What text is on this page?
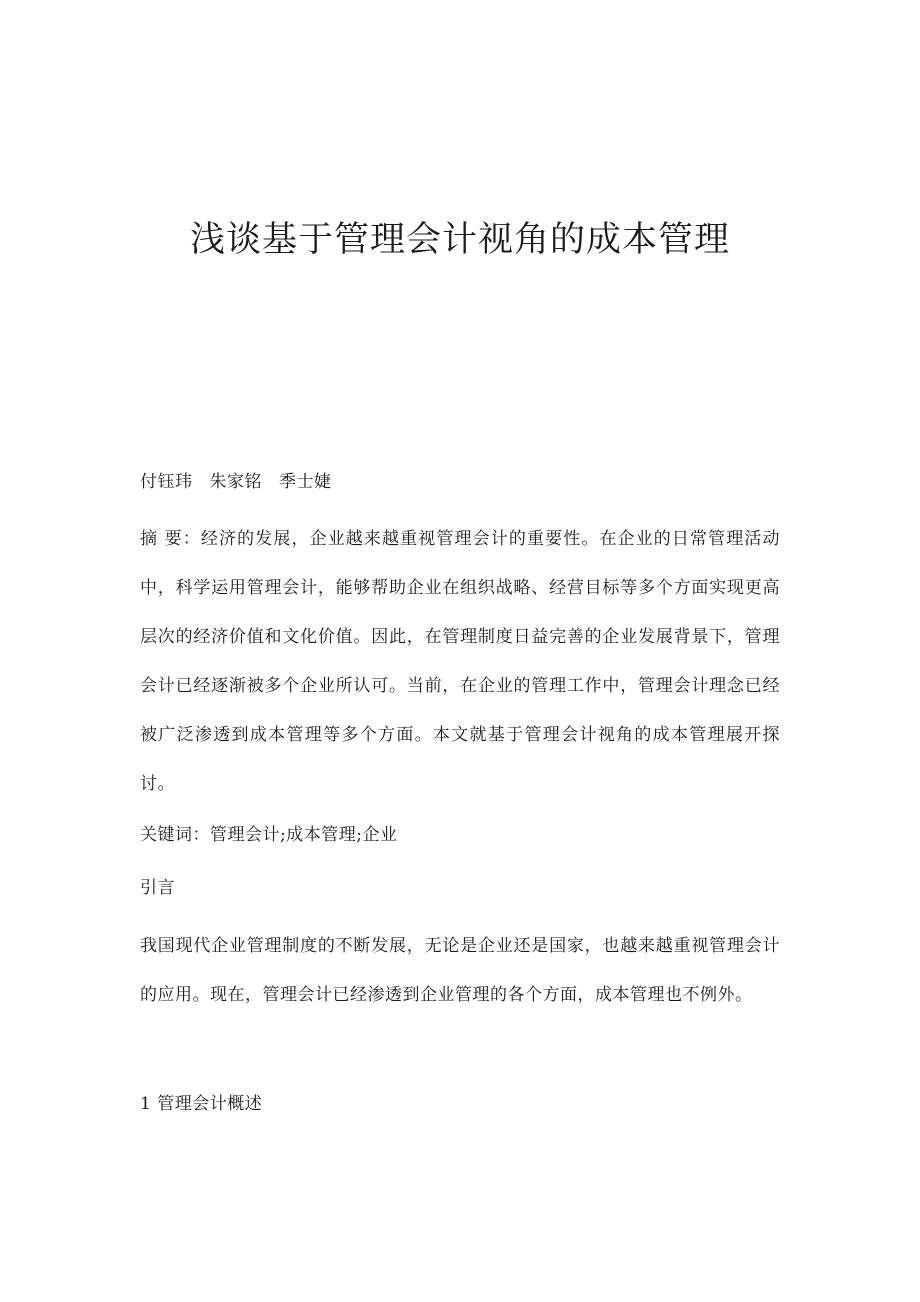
浅谈基于管理会计视角的成本管理

付钰玮 朱家铭 季士婕

摘 要：经济的发展，企业越来越重视管理会计的重要性。在企业的日常管理活动中，科学运用管理会计，能够帮助企业在组织战略、经营目标等多个方面实现更高层次的经济价值和文化价值。因此，在管理制度日益完善的企业发展背景下，管理会计已经逐渐被多个企业所认可。当前，在企业的管理工作中，管理会计理念已经被广泛渗透到成本管理等多个方面。本文就基于管理会计视角的成本管理展开探讨。

关键词：管理会计;成本管理;企业

引言

我国现代企业管理制度的不断发展，无论是企业还是国家，也越来越重视管理会计的应用。现在，管理会计已经渗透到企业管理的各个方面，成本管理也不例外。

1 管理会计概述
